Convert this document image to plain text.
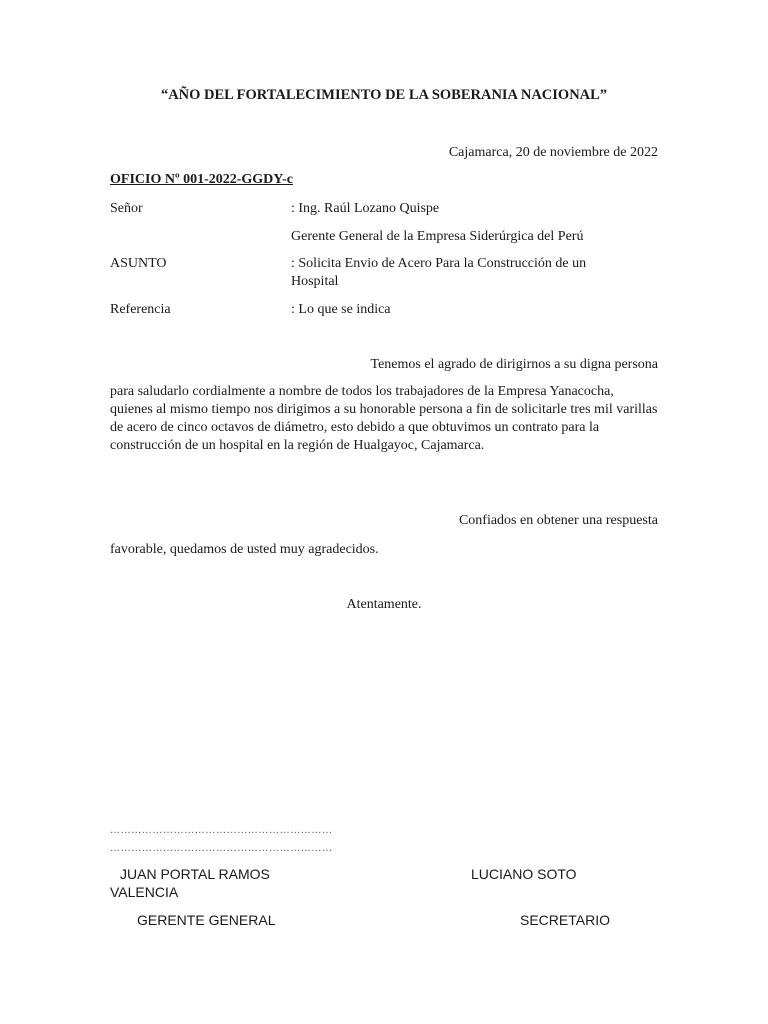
“AÑO DEL FORTALECIMIENTO DE LA SOBERANIA NACIONAL”
Cajamarca, 20 de noviembre de 2022
OFICIO Nº 001-2022-GGDY-c
Señor	: Ing. Raúl Lozano Quispe
Gerente General de la Empresa Siderúrgica del Perú
ASUNTO	: Solicita Envio de Acero Para la Construcción de un Hospital
Referencia	: Lo que se indica
Tenemos el agrado de dirigirnos a su digna persona
para saludarlo cordialmente a nombre de todos los trabajadores de la Empresa Yanacocha, quienes al mismo tiempo nos dirigimos a su honorable persona a fin de solicitarle tres mil varillas de acero de cinco octavos de diámetro, esto debido a que obtuvimos un contrato para la construcción de un hospital en la región de Hualgayoc, Cajamarca.
Confiados en obtener una respuesta
favorable, quedamos de usted muy agradecidos.
Atentamente.
………………………………………………………
………………………………………………………
JUAN PORTAL RAMOS	LUCIANO SOTO
VALENCIA
GERENTE GENERAL	SECRETARIO
